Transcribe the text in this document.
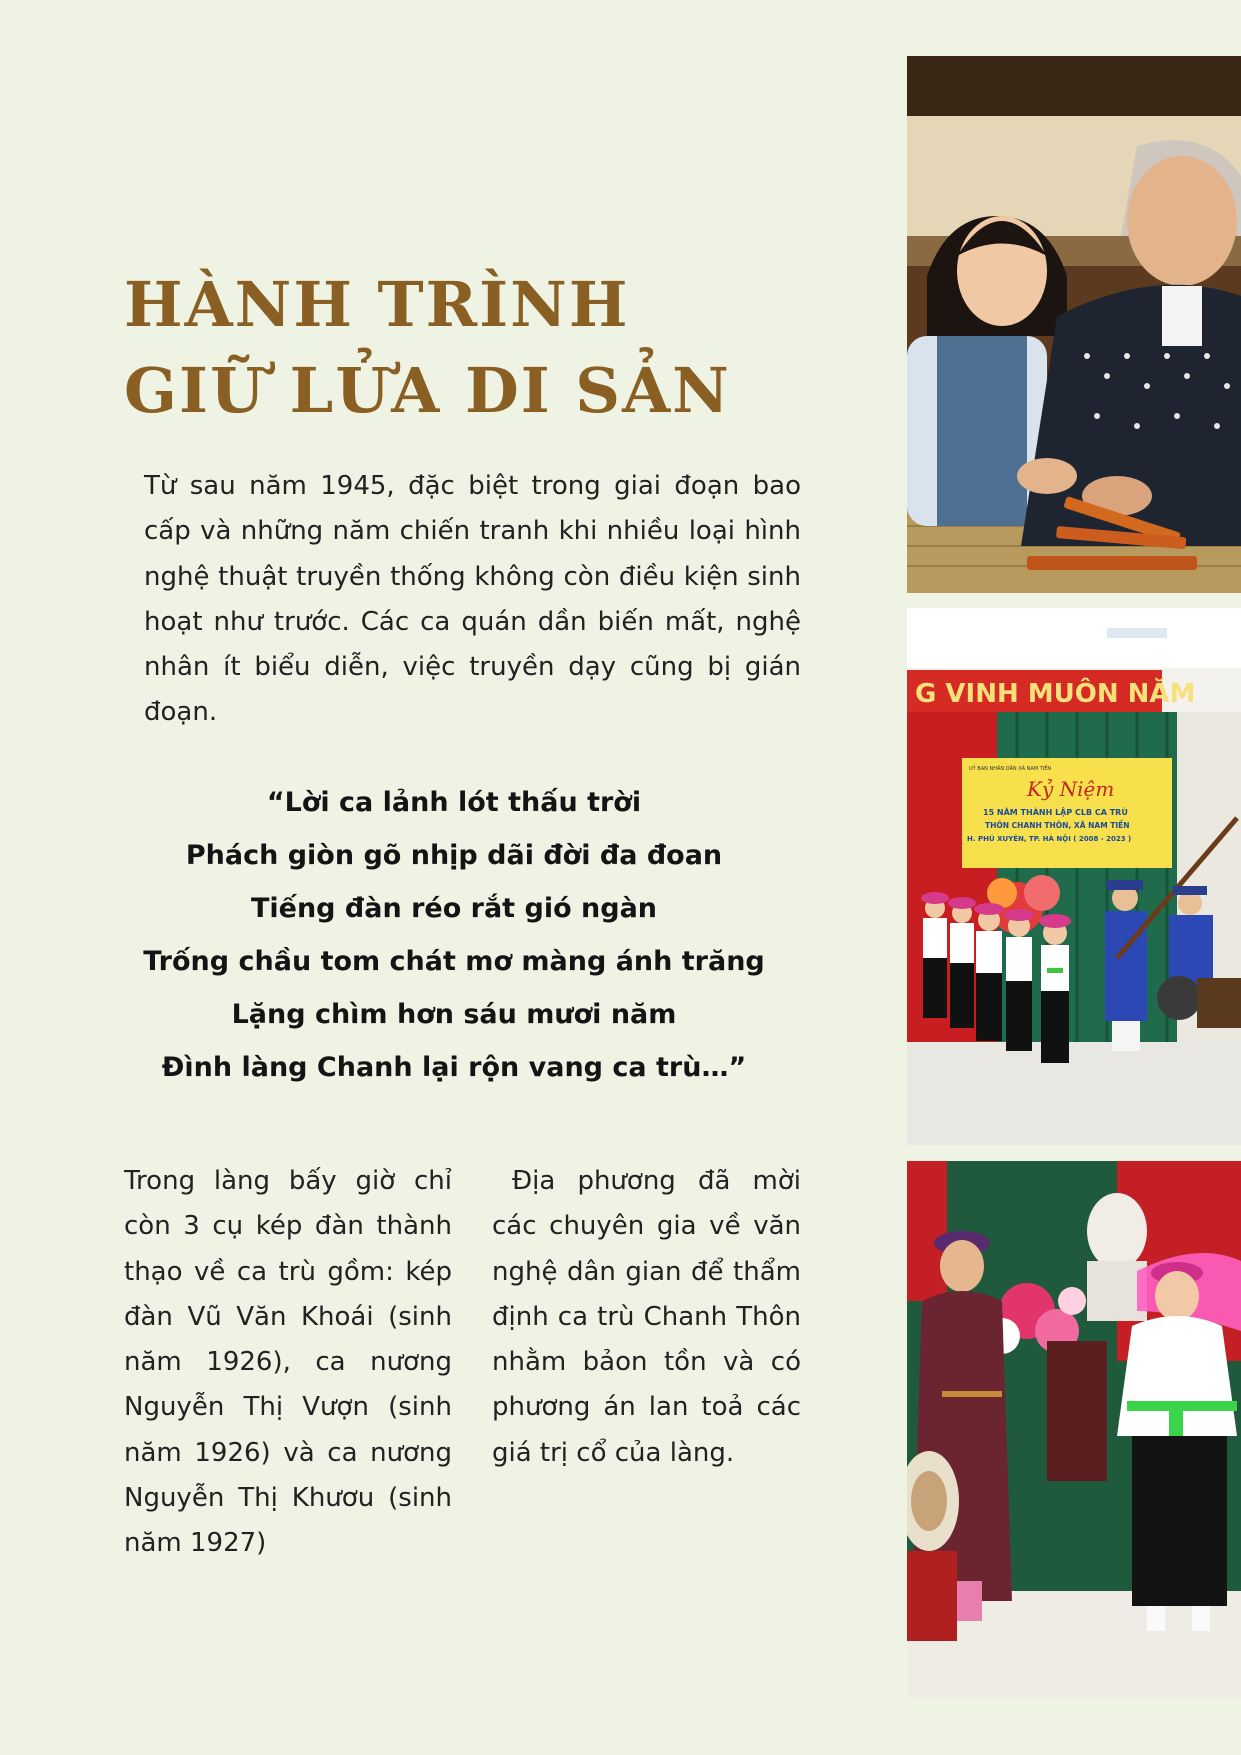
HÀNH TRÌNH
GIỮ LỬA DI SẢN

Từ sau năm 1945, đặc biệt trong giai đoạn bao cấp và những năm chiến tranh khi nhiều loại hình nghệ thuật truyền thống không còn điều kiện sinh hoạt như trước. Các ca quán dần biến mất, nghệ nhân ít biểu diễn, việc truyền dạy cũng bị gián đoạn.

“Lời ca lảnh lót thấu trời
Phách giòn gõ nhịp dãi đời đa đoan
Tiếng đàn réo rắt gió ngàn
Trống chầu tom chát mơ màng ánh trăng
Lặng chìm hơn sáu mươi năm
Đình làng Chanh lại rộn vang ca trù…”

Trong làng bấy giờ chỉ còn 3 cụ kép đàn thành thạo về ca trù gồm: kép đàn Vũ Văn Khoái (sinh năm 1926), ca nương Nguyễn Thị Vượn (sinh năm 1926) và ca nương Nguyễn Thị Khươu (sinh năm 1927)

Địa phương đã mời các chuyên gia về văn nghệ dân gian để thẩm định ca trù Chanh Thôn nhằm bảon tồn và có phương án lan toả các giá trị cổ của làng.

G VINH MUÔN NĂM
UỶ BAN NHÂN DÂN XÃ NAM TIẾN
Kỷ Niệm
15 NĂM THÀNH LẬP CLB CA TRÙ
THÔN CHANH THÔN, XÃ NAM TIẾN
H. PHÚ XUYÊN, TP. HÀ NỘI ( 2008 - 2023 )
